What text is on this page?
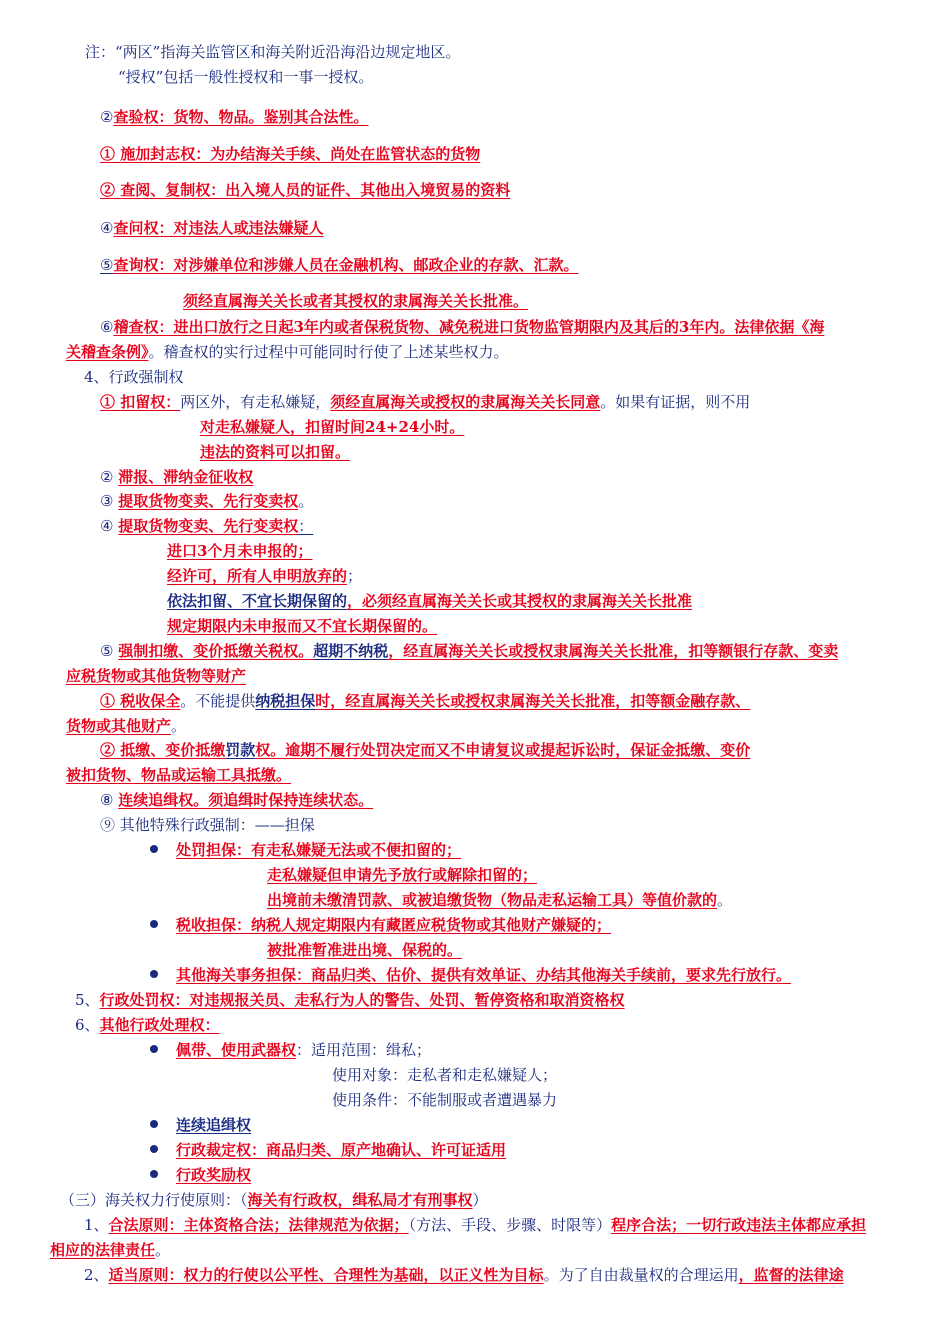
注：“两区”指海关监管区和海关附近沿海沿边规定地区。
“授权”包括一般性授权和一事一授权。
②查验权：货物、物品。鉴别其合法性。
① 施加封志权：为办结海关手续、尚处在监管状态的货物
② 查阅、复制权：出入境人员的证件、其他出入境贸易的资料
④查问权：对违法人或违法嫌疑人
⑤查询权：对涉嫌单位和涉嫌人员在金融机构、邮政企业的存款、汇款。
须经直属海关关长或者其授权的隶属海关关长批准。
⑥稽查权：进出口放行之日起3年内或者保税货物、减免税进口货物监管期限内及其后的3年内。法律依据《海
关稽查条例》。稽查权的实行过程中可能同时行使了上述某些权力。
4、行政强制权
① 扣留权：两区外，有走私嫌疑，须经直属海关或授权的隶属海关关长同意。如果有证据，则不用
对走私嫌疑人，扣留时间24+24小时。
违法的资料可以扣留。
② 滞报、滞纳金征收权
③ 提取货物变卖、先行变卖权。
④ 提取货物变卖、先行变卖权：
进口3个月未申报的；
经许可，所有人申明放弃的；
依法扣留、不宜长期保留的，必须经直属海关关长或其授权的隶属海关关长批准
规定期限内未申报而又不宜长期保留的。
⑤ 强制扣缴、变价抵缴关税权。超期不纳税，经直属海关关长或授权隶属海关关长批准，扣等额银行存款、变卖
应税货物或其他货物等财产
① 税收保全。不能提供纳税担保时，经直属海关关长或授权隶属海关关长批准，扣等额金融存款、
货物或其他财产。
② 抵缴、变价抵缴罚款权。逾期不履行处罚决定而又不申请复议或提起诉讼时，保证金抵缴、变价
被扣货物、物品或运输工具抵缴。
⑧ 连续追缉权。须追缉时保持连续状态。
⑨ 其他特殊行政强制：——担保
处罚担保：有走私嫌疑无法或不便扣留的；
走私嫌疑但申请先予放行或解除扣留的；
出境前未缴清罚款、或被追缴货物（物品走私运输工具）等值价款的。
税收担保：纳税人规定期限内有藏匿应税货物或其他财产嫌疑的；
被批准暂准进出境、保税的。
其他海关事务担保：商品归类、估价、提供有效单证、办结其他海关手续前，要求先行放行。
5、行政处罚权：对违规报关员、走私行为人的警告、处罚、暂停资格和取消资格权
6、其他行政处理权：
佩带、使用武器权：适用范围：缉私；
使用对象：走私者和走私嫌疑人；
使用条件：不能制服或者遭遇暴力
连续追缉权
行政裁定权：商品归类、原产地确认、许可证适用
行政奖励权
（三）海关权力行使原则：（海关有行政权，缉私局才有刑事权）
1、合法原则：主体资格合法；法律规范为依据；（方法、手段、步骤、时限等）程序合法；一切行政违法主体都应承担
相应的法律责任。
2、适当原则：权力的行使以公平性、合理性为基础，以正义性为目标。为了自由裁量权的合理运用，监督的法律途
